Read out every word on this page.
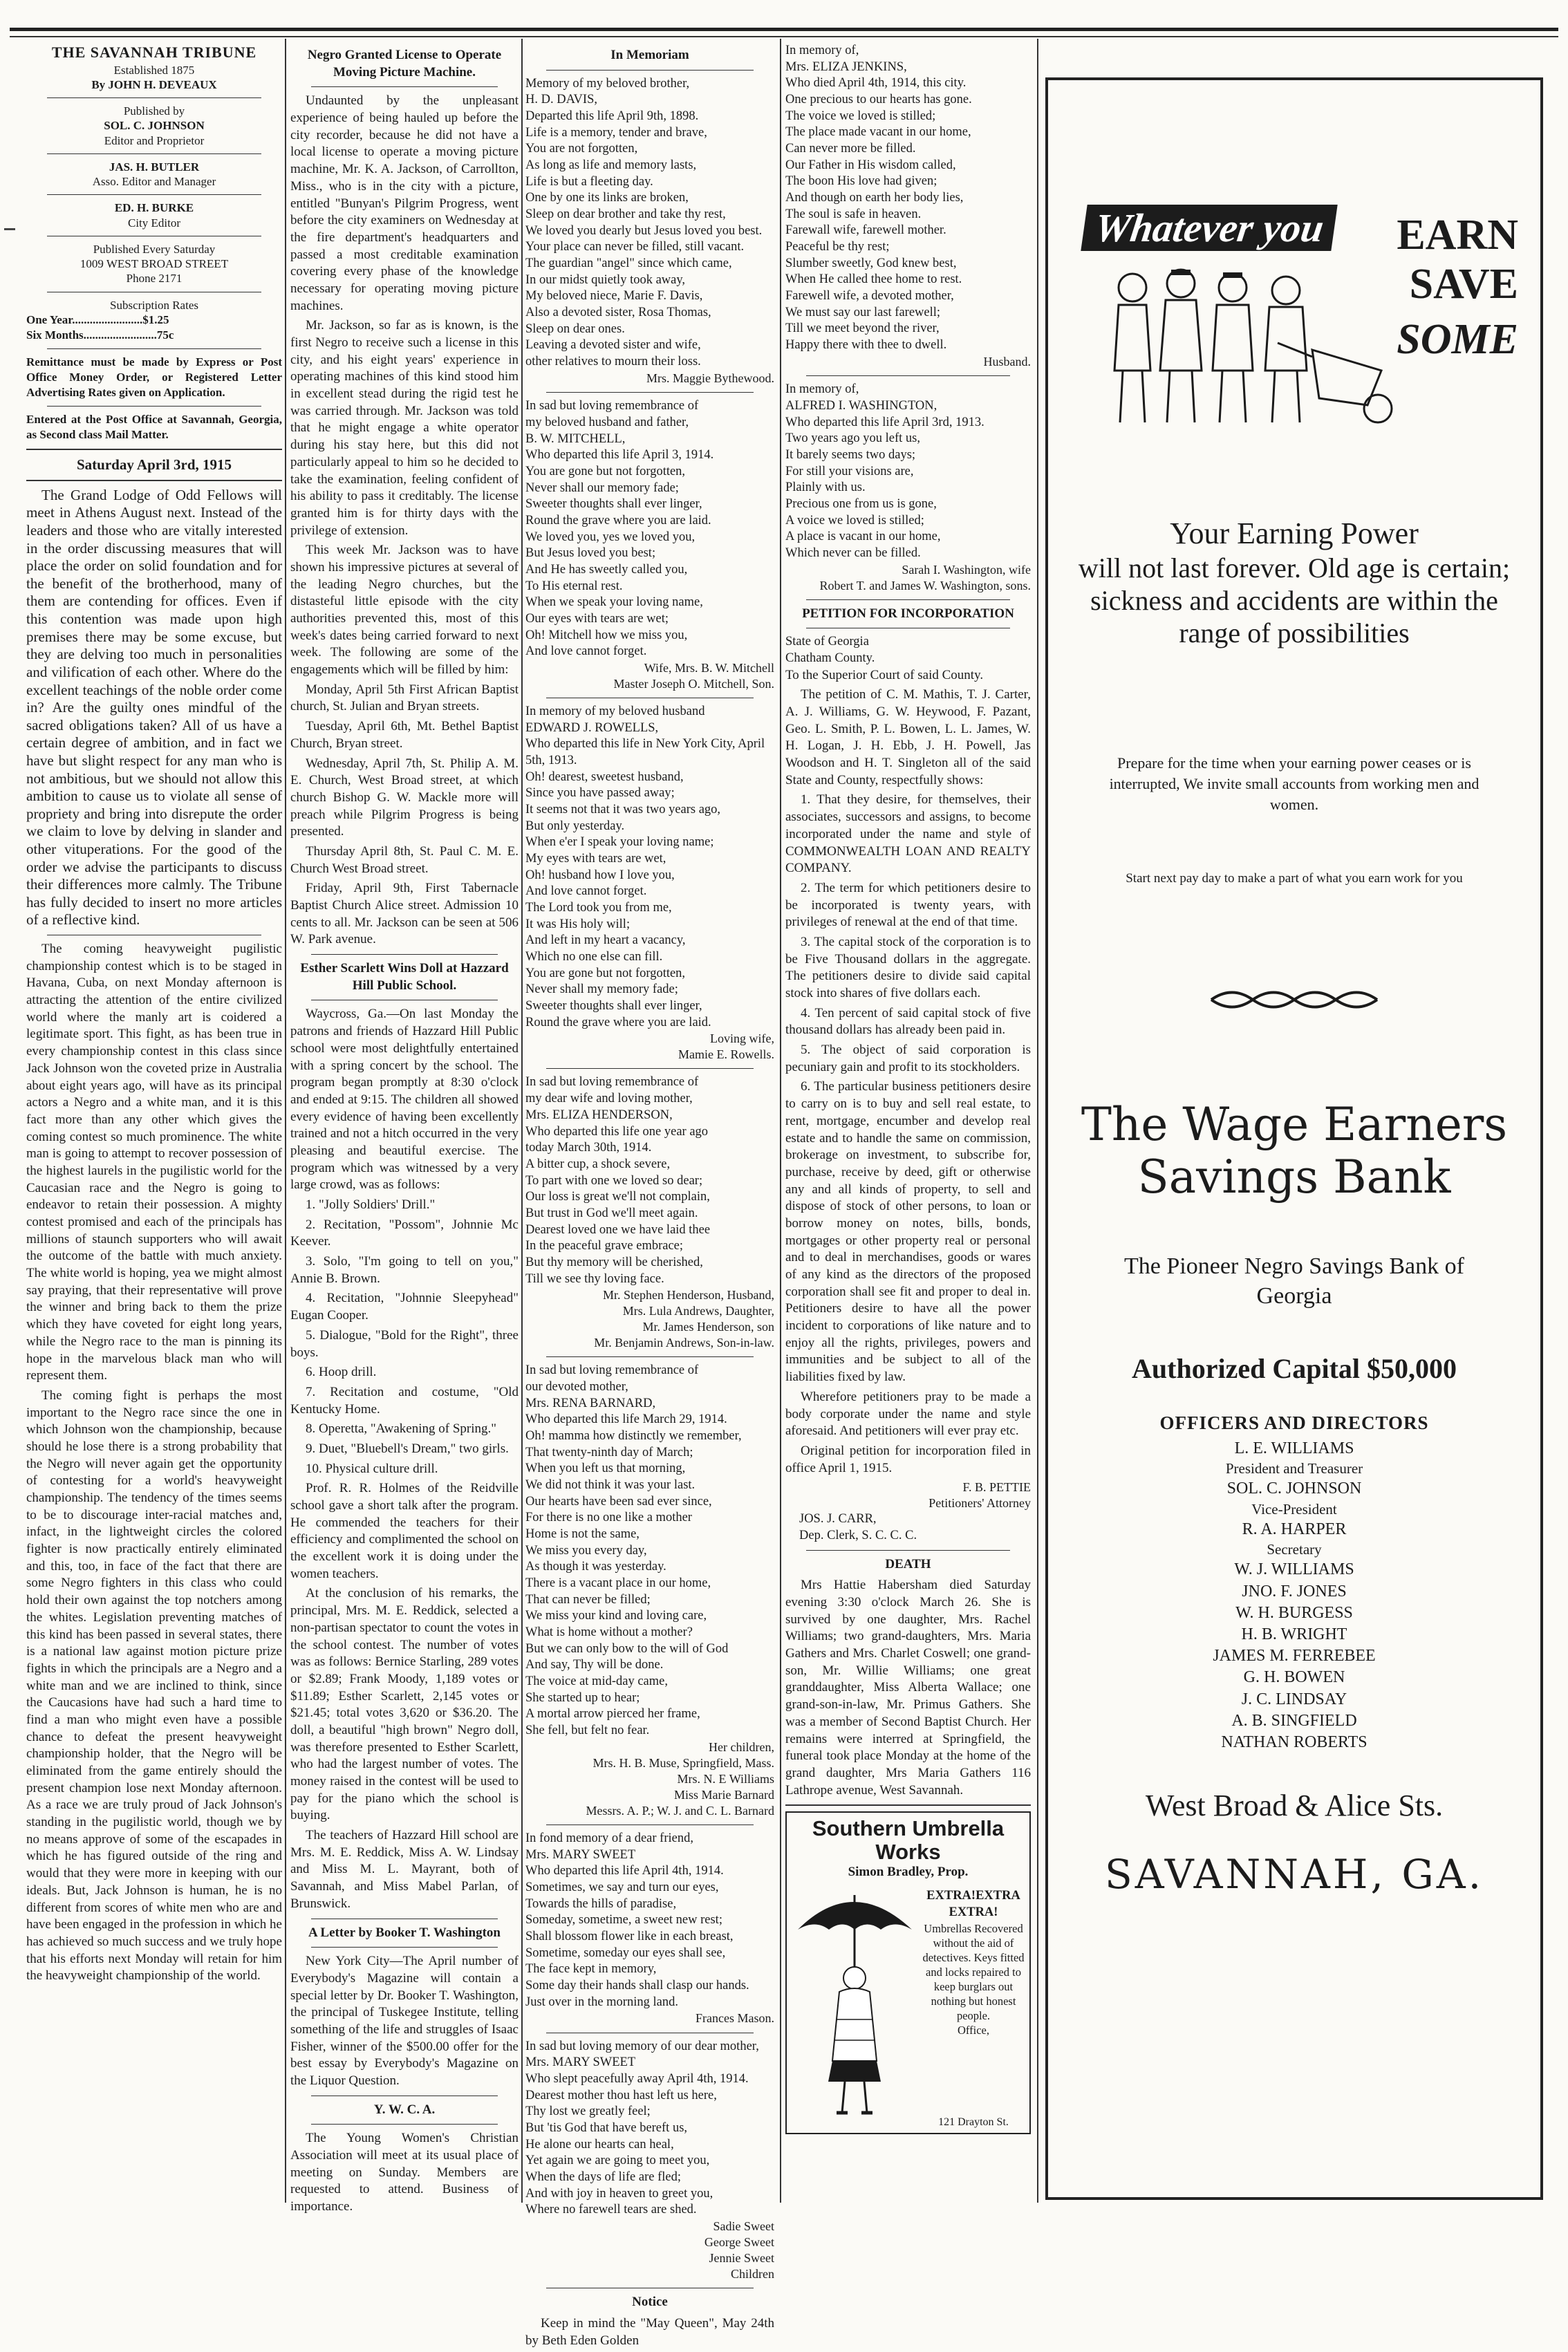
THE SAVANNAH TRIBUNE
Established 1875
By JOHN H. DEVEAUX
Published by
SOL. C. JOHNSON
Editor and Proprietor
JAS. H. BUTLER
Asso. Editor and Manager
ED. H. BURKE
City Editor
Published Every Saturday
1009 WEST BROAD STREET
Phone 2171
Subscription Rates
One Year........................$1.25
Six Months.........................75c
Remittance must be made by Express or Post Office Money Order, or Registered Letter Advertising Rates given on Application.
Entered at the Post Office at Savannah, Georgia, as Second class Mail Matter.
Saturday April 3rd, 1915
The Grand Lodge of Odd Fellows will meet in Athens August next. Instead of the leaders and those who are vitally interested in the order discussing measures that will place the order on solid foundation and for the benefit of the brotherhood, many of them are contending for offices. Even if this contention was made upon high premises there may be some excuse, but they are delving too much in personalities and vilification of each other. Where do the excellent teachings of the noble order come in? Are the guilty ones mindful of the sacred obligations taken? All of us have a certain degree of ambition, and in fact we have but slight respect for any man who is not ambitious, but we should not allow this ambition to cause us to violate all sense of propriety and bring into disrepute the order we claim to love by delving in slander and other vituperations. For the good of the order we advise the participants to discuss their differences more calmly. The Tribune has fully decided to insert no more articles of a reflective kind.
The coming heavyweight pugilistic championship contest which is to be staged in Havana, Cuba, on next Monday afternoon is attracting the attention of the entire civilized world where the manly art is coidered a legitimate sport. This fight, as has been true in every championship contest in this class since Jack Johnson won the coveted prize in Australia about eight years ago, will have as its principal actors a Negro and a white man, and it is this fact more than any other which gives the coming contest so much prominence. The white man is going to attempt to recover possession of the highest laurels in the pugilistic world for the Caucasian race and the Negro is going to endeavor to retain their possession. A mighty contest promised and each of the principals has millions of staunch supporters who will await the outcome of the battle with much anxiety. The white world is hoping, yea we might almost say praying, that their representative will prove the winner and bring back to them the prize which they have coveted for eight long years, while the Negro race to the man is pinning its hope in the marvelous black man who will represent them.
The coming fight is perhaps the most important to the Negro race since the one in which Johnson won the championship, because should he lose there is a strong probability that the Negro will never again get the opportunity of contesting for a world's heavyweight championship. The tendency of the times seems to be to discourage inter-racial matches and, infact, in the lightweight circles the colored fighter is now practically entirely eliminated and this, too, in face of the fact that there are some Negro fighters in this class who could hold their own against the top notchers among the whites. Legislation preventing matches of this kind has been passed in several states, there is a national law against motion picture prize fights in which the principals are a Negro and a white man and we are inclined to think, since the Caucasions have had such a hard time to find a man who might even have a possible chance to defeat the present heavyweight championship holder, that the Negro will be eliminated from the game entirely should the present champion lose next Monday afternoon. As a race we are truly proud of Jack Johnson's standing in the pugilistic world, though we by no means approve of some of the escapades in which he has figured outside of the ring and would that they were more in keeping with our ideals. But, Jack Johnson is human, he is no different from scores of white men who are and have been engaged in the profession in which he has achieved so much success and we truly hope that his efforts next Monday will retain for him the heavyweight championship of the world.
Negro Granted License to Operate Moving Picture Machine.
Undaunted by the unpleasant experience of being hauled up before the city recorder, because he did not have a local license to operate a moving picture machine, Mr. K. A. Jackson, of Carrollton, Miss., who is in the city with a picture, entitled "Bunyan's Pilgrim Progress, went before the city examiners on Wednesday at the fire department's headquarters and passed a most creditable examination covering every phase of the knowledge necessary for operating moving picture machines.
Mr. Jackson, so far as is known, is the first Negro to receive such a license in this city, and his eight years' experience in operating machines of this kind stood him in excellent stead during the rigid test he was carried through. Mr. Jackson was told that he might engage a white operator during his stay here, but this did not particularly appeal to him so he decided to take the examination, feeling confident of his ability to pass it creditably. The license granted him is for thirty days with the privilege of extension.
This week Mr. Jackson was to have shown his impressive pictures at several of the leading Negro churches, but the distasteful little episode with the city authorities prevented this, most of this week's dates being carried forward to next week. The following are some of the engagements which will be filled by him:
Monday, April 5th First African Baptist church, St. Julian and Bryan streets.
Tuesday, April 6th, Mt. Bethel Baptist Church, Bryan street.
Wednesday, April 7th, St. Philip A. M. E. Church, West Broad street, at which church Bishop G. W. Mackle more will preach while Pilgrim Progress is being presented.
Thursday April 8th, St. Paul C. M. E. Church West Broad street.
Friday, April 9th, First Tabernacle Baptist Church Alice street. Admission 10 cents to all. Mr. Jackson can be seen at 506 W. Park avenue.
Esther Scarlett Wins Doll at Hazzard Hill Public School.
Waycross, Ga.—On last Monday the patrons and friends of Hazzard Hill Public school were most delightfully entertained with a spring concert by the school. The program began promptly at 8:30 o'clock and ended at 9:15. The children all showed every evidence of having been excellently trained and not a hitch occurred in the very pleasing and beautiful exercise. The program which was witnessed by a very large crowd, was as follows:
1. "Jolly Soldiers' Drill."
2. Recitation, "Possom", Johnnie Mc Keever.
3. Solo, "I'm going to tell on you," Annie B. Brown.
4. Recitation, "Johnnie Sleepyhead" Eugan Cooper.
5. Dialogue, "Bold for the Right", three boys.
6. Hoop drill.
7. Recitation and costume, "Old Kentucky Home.
8. Operetta, "Awakening of Spring."
9. Duet, "Bluebell's Dream," two girls.
10. Physical culture drill.
Prof. R. R. Holmes of the Reidville school gave a short talk after the program. He commended the teachers for their efficiency and complimented the school on the excellent work it is doing under the women teachers.
At the conclusion of his remarks, the principal, Mrs. M. E. Reddick, selected a non-partisan spectator to count the votes in the school contest. The number of votes was as follows: Bernice Starling, 289 votes or $2.89; Frank Moody, 1,189 votes or $11.89; Esther Scarlett, 2,145 votes or $21.45; total votes 3,620 or $36.20. The doll, a beautiful "high brown" Negro doll, was therefore presented to Esther Scarlett, who had the largest number of votes. The money raised in the contest will be used to pay for the piano which the school is buying.
The teachers of Hazzard Hill school are Mrs. M. E. Reddick, Miss A. W. Lindsay and Miss M. L. Mayrant, both of Savannah, and Miss Mabel Parlan, of Brunswick.
A Letter by Booker T. Washington
New York City—The April number of Everybody's Magazine will contain a special letter by Dr. Booker T. Washington, the principal of Tuskegee Institute, telling something of the life and struggles of Isaac Fisher, winner of the $500.00 offer for the best essay by Everybody's Magazine on the Liquor Question.
Y. W. C. A.
The Young Women's Christian Association will meet at its usual place of meeting on Sunday. Members are requested to attend. Business of importance.
In Memoriam
Memory of my beloved brother,
H. D. DAVIS,
Departed this life April 9th, 1898.
Life is a memory, tender and brave,
You are not forgotten,
As long as life and memory lasts,
Life is but a fleeting day.
One by one its links are broken,
Sleep on dear brother and take thy rest,
We loved you dearly but Jesus loved you best.
Your place can never be filled, still vacant.
The guardian "angel" since which came,
In our midst quietly took away,
My beloved niece, Marie F. Davis,
Also a devoted sister, Rosa Thomas,
Sleep on dear ones.
Leaving a devoted sister and wife,
other relatives to mourn their loss.
Mrs. Maggie Bythewood.
In sad but loving remembrance of
my beloved husband and father,
B. W. MITCHELL,
Who departed this life April 3, 1914.
You are gone but not forgotten,
Never shall our memory fade;
Sweeter thoughts shall ever linger,
Round the grave where you are laid.
We loved you, yes we loved you,
But Jesus loved you best;
And He has sweetly called you,
To His eternal rest.
When we speak your loving name,
Our eyes with tears are wet;
Oh! Mitchell how we miss you,
And love cannot forget.
Wife, Mrs. B. W. Mitchell
Master Joseph O. Mitchell, Son.
In memory of my beloved husband
EDWARD J. ROWELLS,
Who departed this life in New York City, April 5th, 1913.
Oh! dearest, sweetest husband,
Since you have passed away;
It seems not that it was two years ago,
But only yesterday.
When e'er I speak your loving name;
My eyes with tears are wet,
Oh! husband how I love you,
And love cannot forget.
The Lord took you from me,
It was His holy will;
And left in my heart a vacancy,
Which no one else can fill.
You are gone but not forgotten,
Never shall my memory fade;
Sweeter thoughts shall ever linger,
Round the grave where you are laid.
Loving wife,
Mamie E. Rowells.
In sad but loving remembrance of
my dear wife and loving mother,
Mrs. ELIZA HENDERSON,
Who departed this life one year ago
today March 30th, 1914.
A bitter cup, a shock severe,
To part with one we loved so dear;
Our loss is great we'll not complain,
But trust in God we'll meet again.
Dearest loved one we have laid thee
In the peaceful grave embrace;
But thy memory will be cherished,
Till we see thy loving face.
Mr. Stephen Henderson, Husband,
Mrs. Lula Andrews, Daughter,
Mr. James Henderson, son
Mr. Benjamin Andrews, Son-in-law.
In sad but loving remembrance of
our devoted mother,
Mrs. RENA BARNARD,
Who departed this life March 29, 1914.
Oh! mamma how distinctly we remember,
That twenty-ninth day of March;
When you left us that morning,
We did not think it was your last.
Our hearts have been sad ever since,
For there is no one like a mother
Home is not the same,
We miss you every day,
As though it was yesterday.
There is a vacant place in our home,
That can never be filled;
We miss your kind and loving care,
What is home without a mother?
But we can only bow to the will of God
And say, Thy will be done.
The voice at mid-day came,
She started up to hear;
A mortal arrow pierced her frame,
She fell, but felt no fear.
Her children,
Mrs. H. B. Muse, Springfield, Mass.
Mrs. N. E Williams
Miss Marie Barnard
Messrs. A. P.; W. J. and C. L. Barnard
In fond memory of a dear friend,
Mrs. MARY SWEET
Who departed this life April 4th, 1914.
Sometimes, we say and turn our eyes,
Towards the hills of paradise,
Someday, sometime, a sweet new rest;
Shall blossom flower like in each breast,
Sometime, someday our eyes shall see,
The face kept in memory,
Some day their hands shall clasp our hands.
Just over in the morning land.
Frances Mason.
In sad but loving memory of our dear mother,
Mrs. MARY SWEET
Who slept peacefully away April 4th, 1914.
Dearest mother thou hast left us here,
Thy lost we greatly feel;
But 'tis God that have bereft us,
He alone our hearts can heal,
Yet again we are going to meet you,
When the days of life are fled;
And with joy in heaven to greet you,
Where no farewell tears are shed.
Sadie Sweet
George Sweet
Jennie Sweet
Children
Notice
Keep in mind the "May Queen", May 24th by Beth Eden Golden
In memory of,
Mrs. ELIZA JENKINS,
Who died April 4th, 1914, this city.
One precious to our hearts has gone.
The voice we loved is stilled;
The place made vacant in our home,
Can never more be filled.
Our Father in His wisdom called,
The boon His love had given;
And though on earth her body lies,
The soul is safe in heaven.
Farewall wife, farewell mother.
Peaceful be thy rest;
Slumber sweetly, God knew best,
When He called thee home to rest.
Farewell wife, a devoted mother,
We must say our last farewell;
Till we meet beyond the river,
Happy there with thee to dwell.
Husband.
In memory of,
ALFRED I. WASHINGTON,
Who departed this life April 3rd, 1913.
Two years ago you left us,
It barely seems two days;
For still your visions are,
Plainly with us.
Precious one from us is gone,
A voice we loved is stilled;
A place is vacant in our home,
Which never can be filled.
Sarah I. Washington, wife
Robert T. and James W. Washington, sons.
PETITION FOR INCORPORATION
State of Georgia
Chatham County.
To the Superior Court of said County.
The petition of C. M. Mathis, T. J. Carter, A. J. Williams, G. W. Heywood, F. Pazant, Geo. L. Smith, P. L. Bowen, L. L. James, W. H. Logan, J. H. Ebb, J. H. Powell, Jas Woodson and H. T. Singleton all of the said State and County, respectfully shows:
1. That they desire, for themselves, their associates, successors and assigns, to become incorporated under the name and style of COMMONWEALTH LOAN AND REALTY COMPANY.
2. The term for which petitioners desire to be incorporated is twenty years, with privileges of renewal at the end of that time.
3. The capital stock of the corporation is to be Five Thousand dollars in the aggregate. The petitioners desire to divide said capital stock into shares of five dollars each.
4. Ten percent of said capital stock of five thousand dollars has already been paid in.
5. The object of said corporation is pecuniary gain and profit to its stockholders.
6. The particular business petitioners desire to carry on is to buy and sell real estate, to rent, mortgage, encumber and develop real estate and to handle the same on commission, brokerage on investment, to subscribe for, purchase, receive by deed, gift or otherwise any and all kinds of property, to sell and dispose of stock of other persons, to loan or borrow money on notes, bills, bonds, mortgages or other property real or personal and to deal in merchandises, goods or wares of any kind as the directors of the proposed corporation shall see fit and proper to deal in. Petitioners desire to have all the power incident to corporations of like nature and to enjoy all the rights, privileges, powers and immunities and be subject to all of the liabilities fixed by law.
Wherefore petitioners pray to be made a body corporate under the name and style aforesaid. And petitioners will ever pray etc.
Original petition for incorporation filed in office April 1, 1915.
F. B. PETTIE
Petitioners' Attorney
JOS. J. CARR,
Dep. Clerk, S. C. C. C.
DEATH
Mrs Hattie Habersham died Saturday evening 3:30 o'clock March 26. She is survived by one daughter, Mrs. Rachel Williams; two grand-daughters, Mrs. Maria Gathers and Mrs. Charlet Coswell; one grand-son, Mr. Willie Williams; one great granddaughter, Miss Alberta Wallace; one grand-son-in-law, Mr. Primus Gathers. She was a member of Second Baptist Church. Her remains were interred at Springfield, the funeral took place Monday at the home of the grand daughter, Mrs Maria Gathers 116 Lathrope avenue, West Savannah.
Southern Umbrella Works
Simon Bradley, Prop.
EXTRA!EXTRA
EXTRA!
Umbrellas Recovered without the aid of detectives. Keys fitted and locks repaired to keep burglars out nothing but honest people.
Office,
121 Drayton St.
Whatever you EARN
SAVE
SOME
Your Earning Power
will not last forever. Old age is certain; sickness and accidents are within the range of possibilities
Prepare for the time when your earning power ceases or is interrupted, We invite small accounts from working men and women.
Start next pay day to make a part of what you earn work for you
The Wage Earners
Savings Bank
The Pioneer Negro Savings Bank of Georgia
Authorized Capital $50,000
OFFICERS AND DIRECTORS
L. E. WILLIAMS
President and Treasurer
SOL. C. JOHNSON
Vice-President
R. A. HARPER
Secretary
W. J. WILLIAMS
JNO. F. JONES
W. H. BURGESS
H. B. WRIGHT
JAMES M. FERREBEE
G. H. BOWEN
J. C. LINDSAY
A. B. SINGFIELD
NATHAN ROBERTS
West Broad & Alice Sts.
SAVANNAH, GA.
